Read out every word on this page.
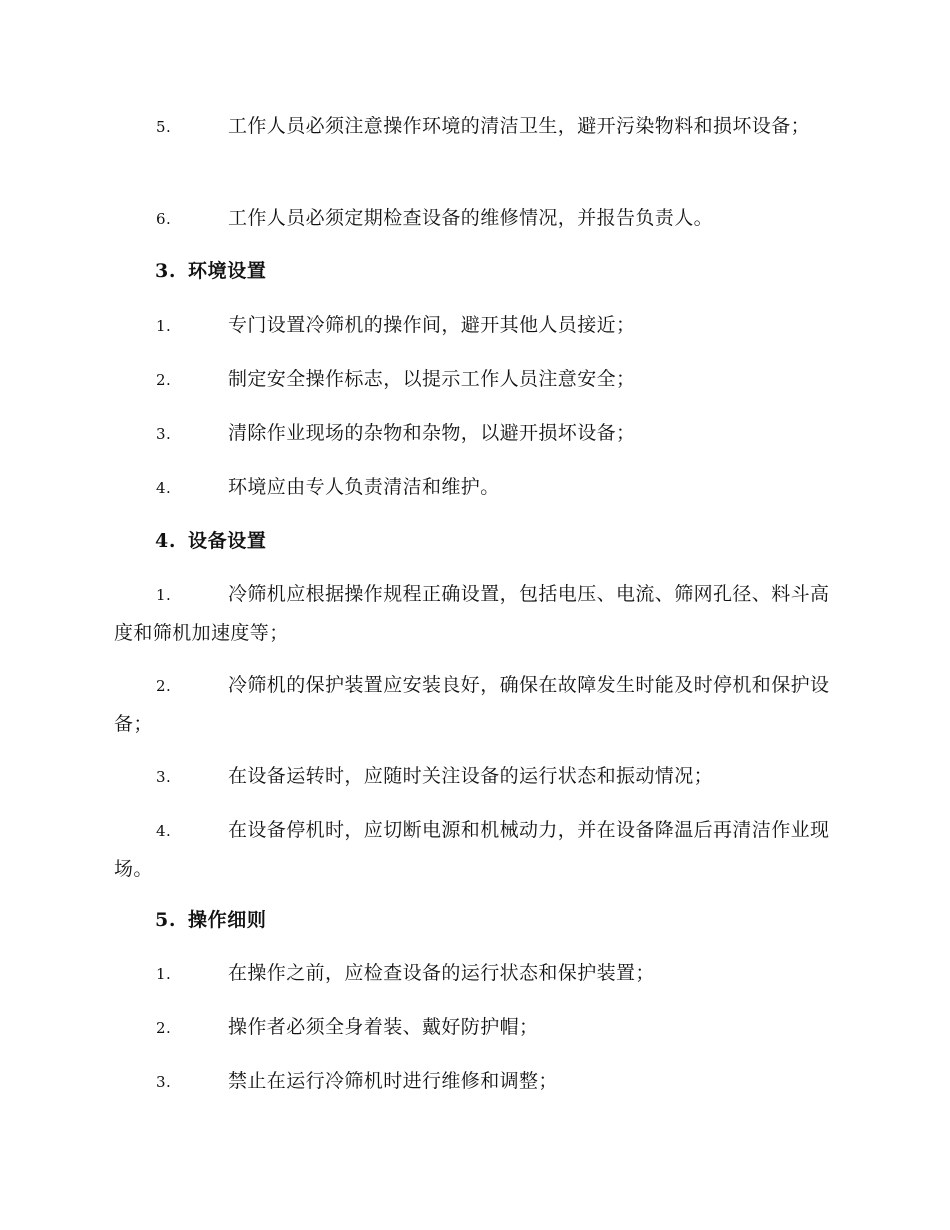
5.	工作人员必须注意操作环境的清洁卫生，避开污染物料和损坏设备；
6.	工作人员必须定期检查设备的维修情况，并报告负责人。
3. 环境设置
1.	专门设置冷筛机的操作间，避开其他人员接近；
2.	制定安全操作标志，以提示工作人员注意安全；
3.	清除作业现场的杂物和杂物，以避开损坏设备；
4.	环境应由专人负责清洁和维护。
4. 设备设置
1.	冷筛机应根据操作规程正确设置，包括电压、电流、筛网孔径、料斗高度和筛机加速度等；
2.	冷筛机的保护装置应安装良好，确保在故障发生时能及时停机和保护设备；
3.	在设备运转时，应随时关注设备的运行状态和振动情况；
4.	在设备停机时，应切断电源和机械动力，并在设备降温后再清洁作业现场。
5. 操作细则
1.	在操作之前，应检查设备的运行状态和保护装置；
2.	操作者必须全身着装、戴好防护帽；
3.	禁止在运行冷筛机时进行维修和调整；
